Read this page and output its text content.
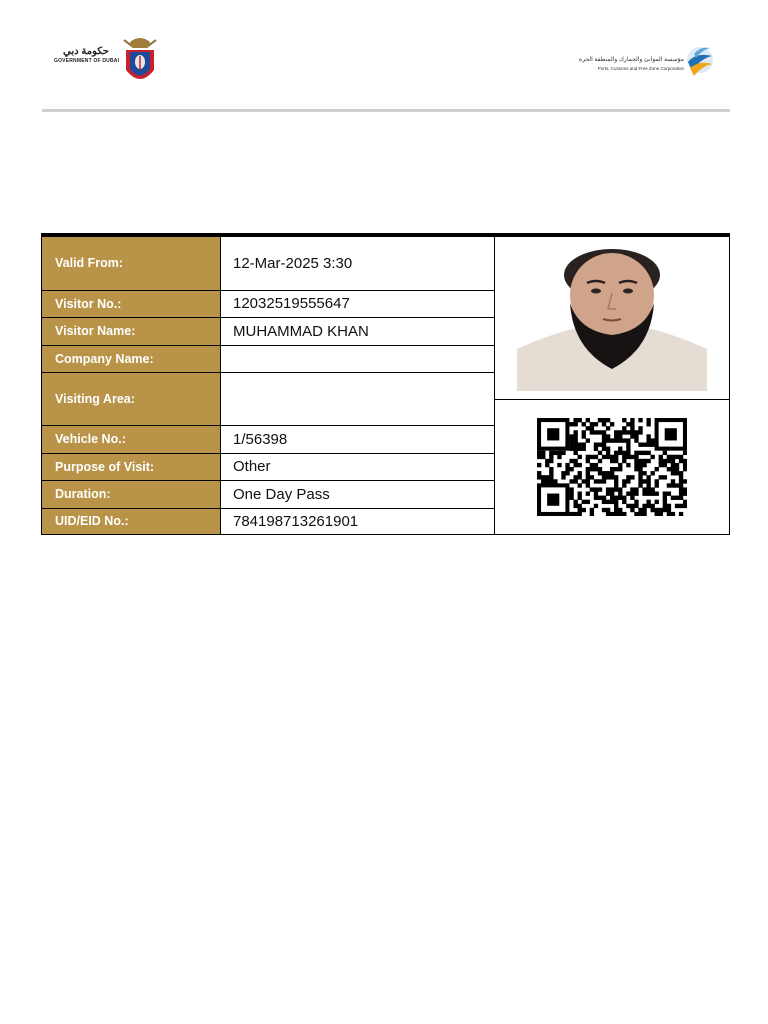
حكومة دبي
GOVERNMENT OF DUBAI	مؤسسة الموانئ والجمارك والمنطقة الحرة
Ports, Customs and Free Zone Corporation
Valid From:	12-Mar-2025 3:30	

Visitor No.:	12032519555647	
Visitor Name:	MUHAMMAD KHAN	
Company Name:		
Visiting Area:		

Vehicle No.:	1/56398	
Purpose of Visit:	Other	
Duration:	One Day Pass	
UID/EID No.:	784198713261901	
